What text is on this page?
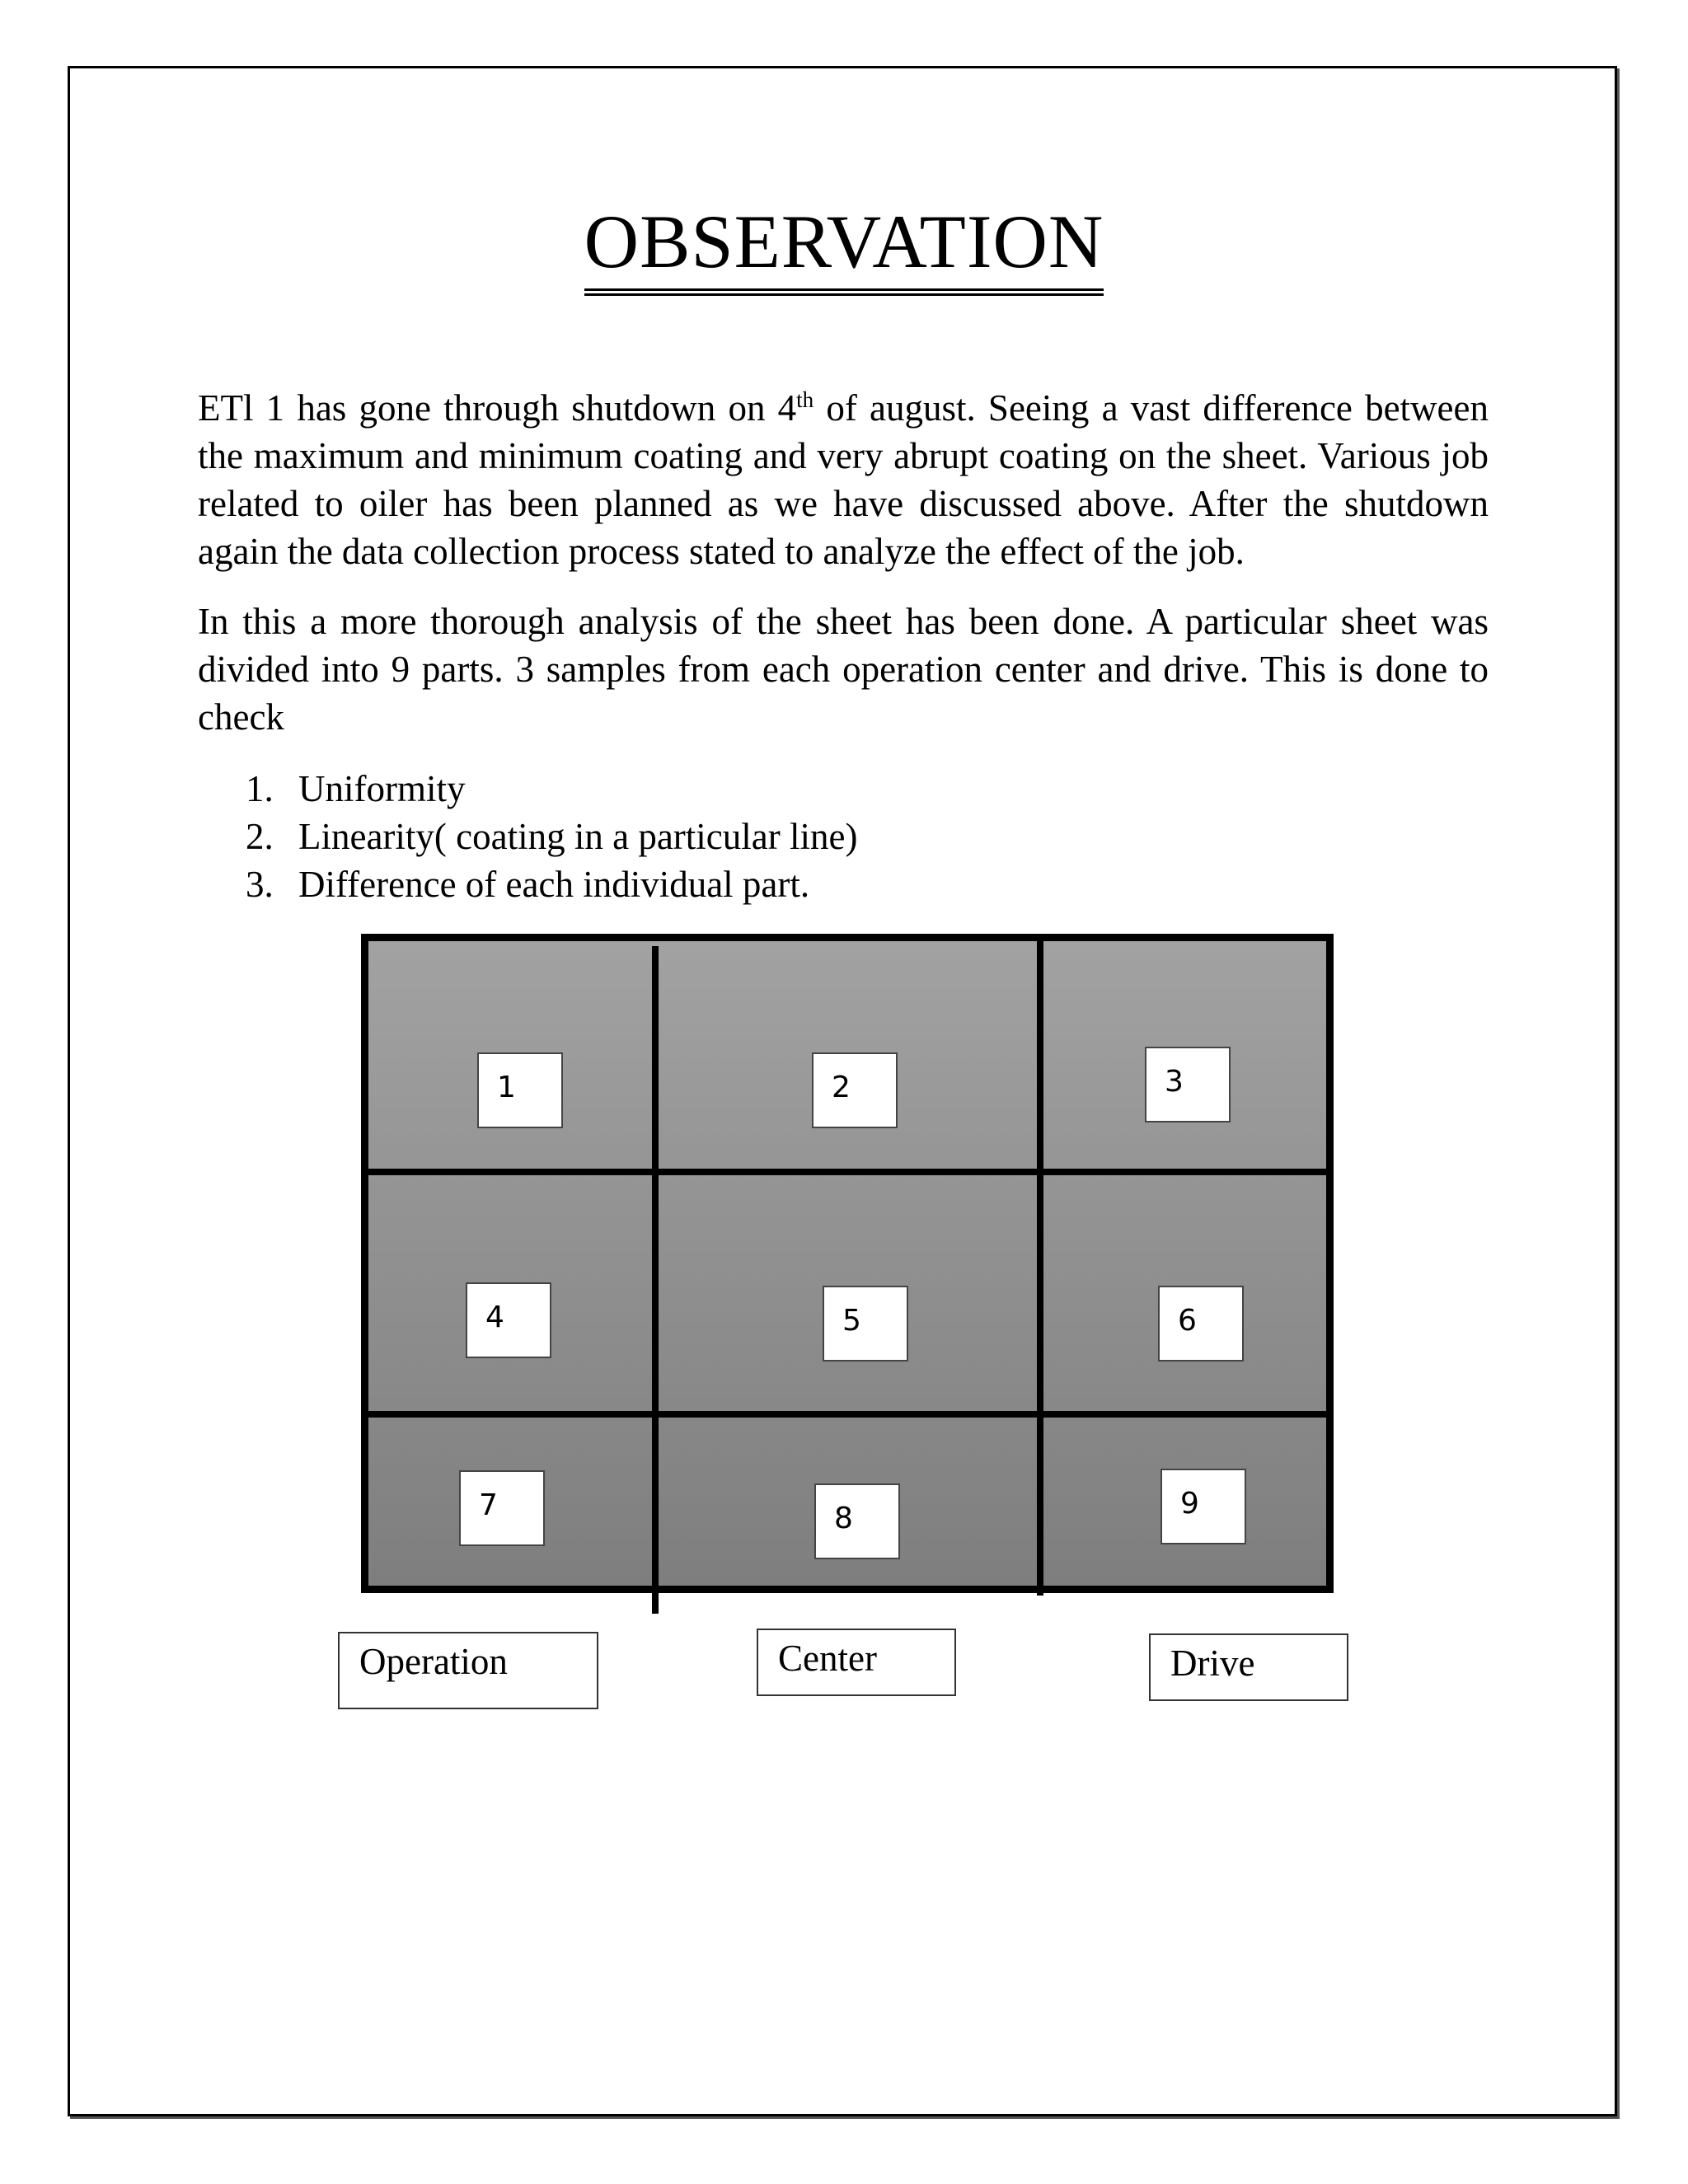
OBSERVATION
ETl 1 has gone through shutdown on 4th of august. Seeing a vast difference between the maximum and minimum coating and very abrupt coating on the sheet. Various job related to oiler has been planned as we have discussed above. After the shutdown again the data collection process stated to analyze the effect of the job.
In this a more thorough analysis of the sheet has been done. A particular sheet was divided into 9 parts. 3 samples from each operation center and drive. This is done to check
1. Uniformity
2. Linearity( coating in a particular line)
3. Difference of each individual part.
1	2	3
4	5	6
7	8	9
Operation	Center	Drive
